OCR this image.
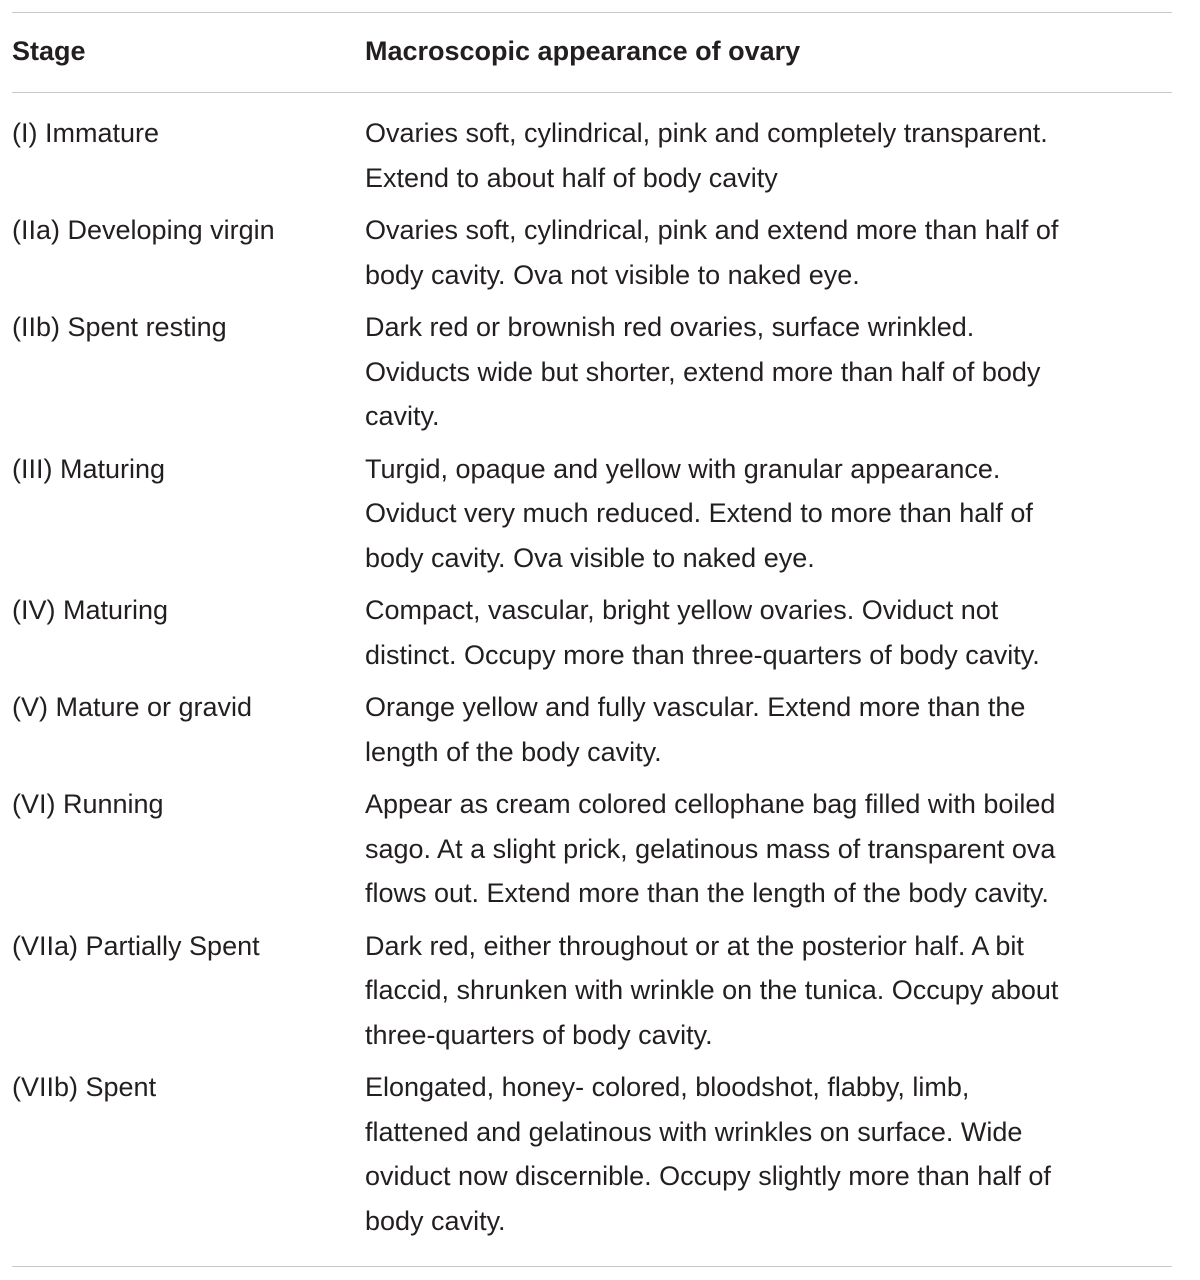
Stage	Macroscopic appearance of ovary
(I) Immature	Ovaries soft, cylindrical, pink and completely transparent.
Extend to about half of body cavity
(IIa) Developing virgin	Ovaries soft, cylindrical, pink and extend more than half of
body cavity. Ova not visible to naked eye.
(IIb) Spent resting	Dark red or brownish red ovaries, surface wrinkled.
Oviducts wide but shorter, extend more than half of body
cavity.
(III) Maturing	Turgid, opaque and yellow with granular appearance.
Oviduct very much reduced. Extend to more than half of
body cavity. Ova visible to naked eye.
(IV) Maturing	Compact, vascular, bright yellow ovaries. Oviduct not
distinct. Occupy more than three-quarters of body cavity.
(V) Mature or gravid	Orange yellow and fully vascular. Extend more than the
length of the body cavity.
(VI) Running	Appear as cream colored cellophane bag filled with boiled
sago. At a slight prick, gelatinous mass of transparent ova
flows out. Extend more than the length of the body cavity.
(VIIa) Partially Spent	Dark red, either throughout or at the posterior half. A bit
flaccid, shrunken with wrinkle on the tunica. Occupy about
three-quarters of body cavity.
(VIIb) Spent	Elongated, honey- colored, bloodshot, flabby, limb,
flattened and gelatinous with wrinkles on surface. Wide
oviduct now discernible. Occupy slightly more than half of
body cavity.
